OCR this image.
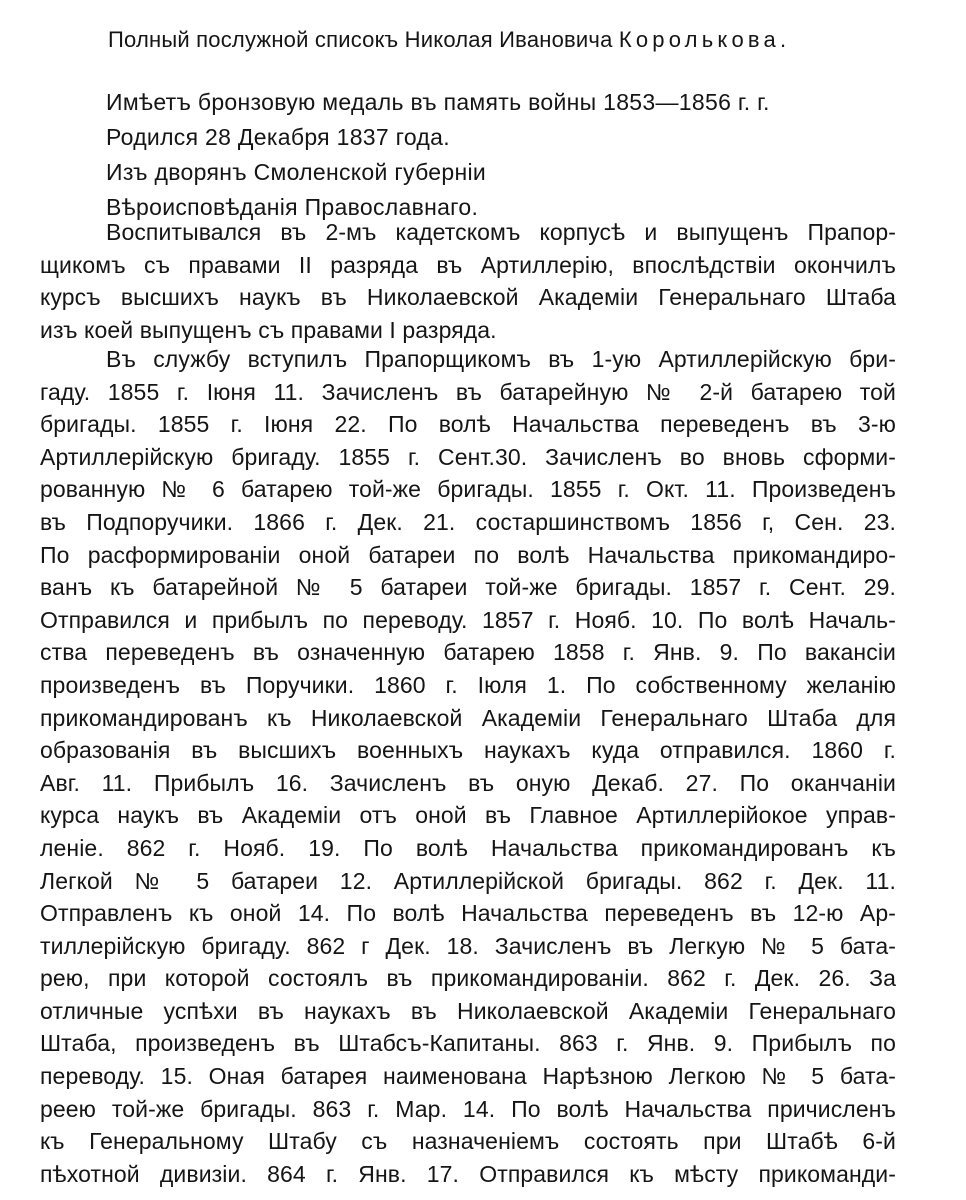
Полный послужной списокъ Николая Ивановича Королькова.
Имѣетъ бронзовую медаль въ память войны 1853—1856 г. г.
Родился 28 Декабря 1837 года.
Изъ дворянъ Смоленской губерніи
Вѣроисповѣданія Православнаго.
Воспитывался въ 2-мъ кадетскомъ корпусѣ и выпущенъ Прапор-
щикомъ съ правами II разряда въ Артиллерію, впослѣдствіи окончилъ
курсъ высшихъ наукъ въ Николаевской Академіи Генеральнаго Штаба
изъ коей выпущенъ съ правами I разряда.
Въ службу вступилъ Прапорщикомъ въ 1-ую Артиллерійскую бри-
гаду. 1855 г. Іюня 11. Зачисленъ въ батарейную № 2-й батарею той
бригады. 1855 г. Іюня 22. По волѣ Начальства переведенъ въ 3-ю
Артиллерійскую бригаду. 1855 г. Сент.30. Зачисленъ во вновь сформи-
рованную № 6 батарею той-же бригады. 1855 г. Окт. 11. Произведенъ
въ Подпоручики. 1866 г. Дек. 21. состаршинствомъ 1856 г, Сен. 23.
По расформированіи оной батареи по волѣ Начальства прикомандиро-
ванъ къ батарейной № 5 батареи той-же бригады. 1857 г. Сент. 29.
Отправился и прибылъ по переводу. 1857 г. Нояб. 10. По волѣ Началь-
ства переведенъ въ означенную батарею 1858 г. Янв. 9. По вакансіи
произведенъ въ Поручики. 1860 г. Іюля 1. По собственному желанію
прикомандированъ къ Николаевской Академіи Генеральнаго Штаба для
образованія въ высшихъ военныхъ наукахъ куда отправился. 1860 г.
Авг. 11. Прибылъ 16. Зачисленъ въ оную Декаб. 27. По оканчаніи
курса наукъ въ Академіи отъ оной въ Главное Артиллерійокое управ-
леніе. 862 г. Нояб. 19. По волѣ Начальства прикомандированъ къ
Легкой № 5 батареи 12. Артиллерійской бригады. 862 г. Дек. 11.
Отправленъ къ оной 14. По волѣ Начальства переведенъ въ 12-ю Ар-
тиллерійскую бригаду. 862 г Дек. 18. Зачисленъ въ Легкую № 5 бата-
рею, при которой состоялъ въ прикомандированіи. 862 г. Дек. 26. За
отличные успѣхи въ наукахъ въ Николаевской Академіи Генеральнаго
Штаба, произведенъ въ Штабсъ-Капитаны. 863 г. Янв. 9. Прибылъ по
переводу. 15. Оная батарея наименована Нарѣзною Легкою № 5 бата-
реею той-же бригады. 863 г. Мар. 14. По волѣ Начальства причисленъ
къ Генеральному Штабу съ назначеніемъ состоять при Штабѣ 6-й
пѣхотной дивизіи. 864 г. Янв. 17. Отправился къ мѣсту прикоманди-
